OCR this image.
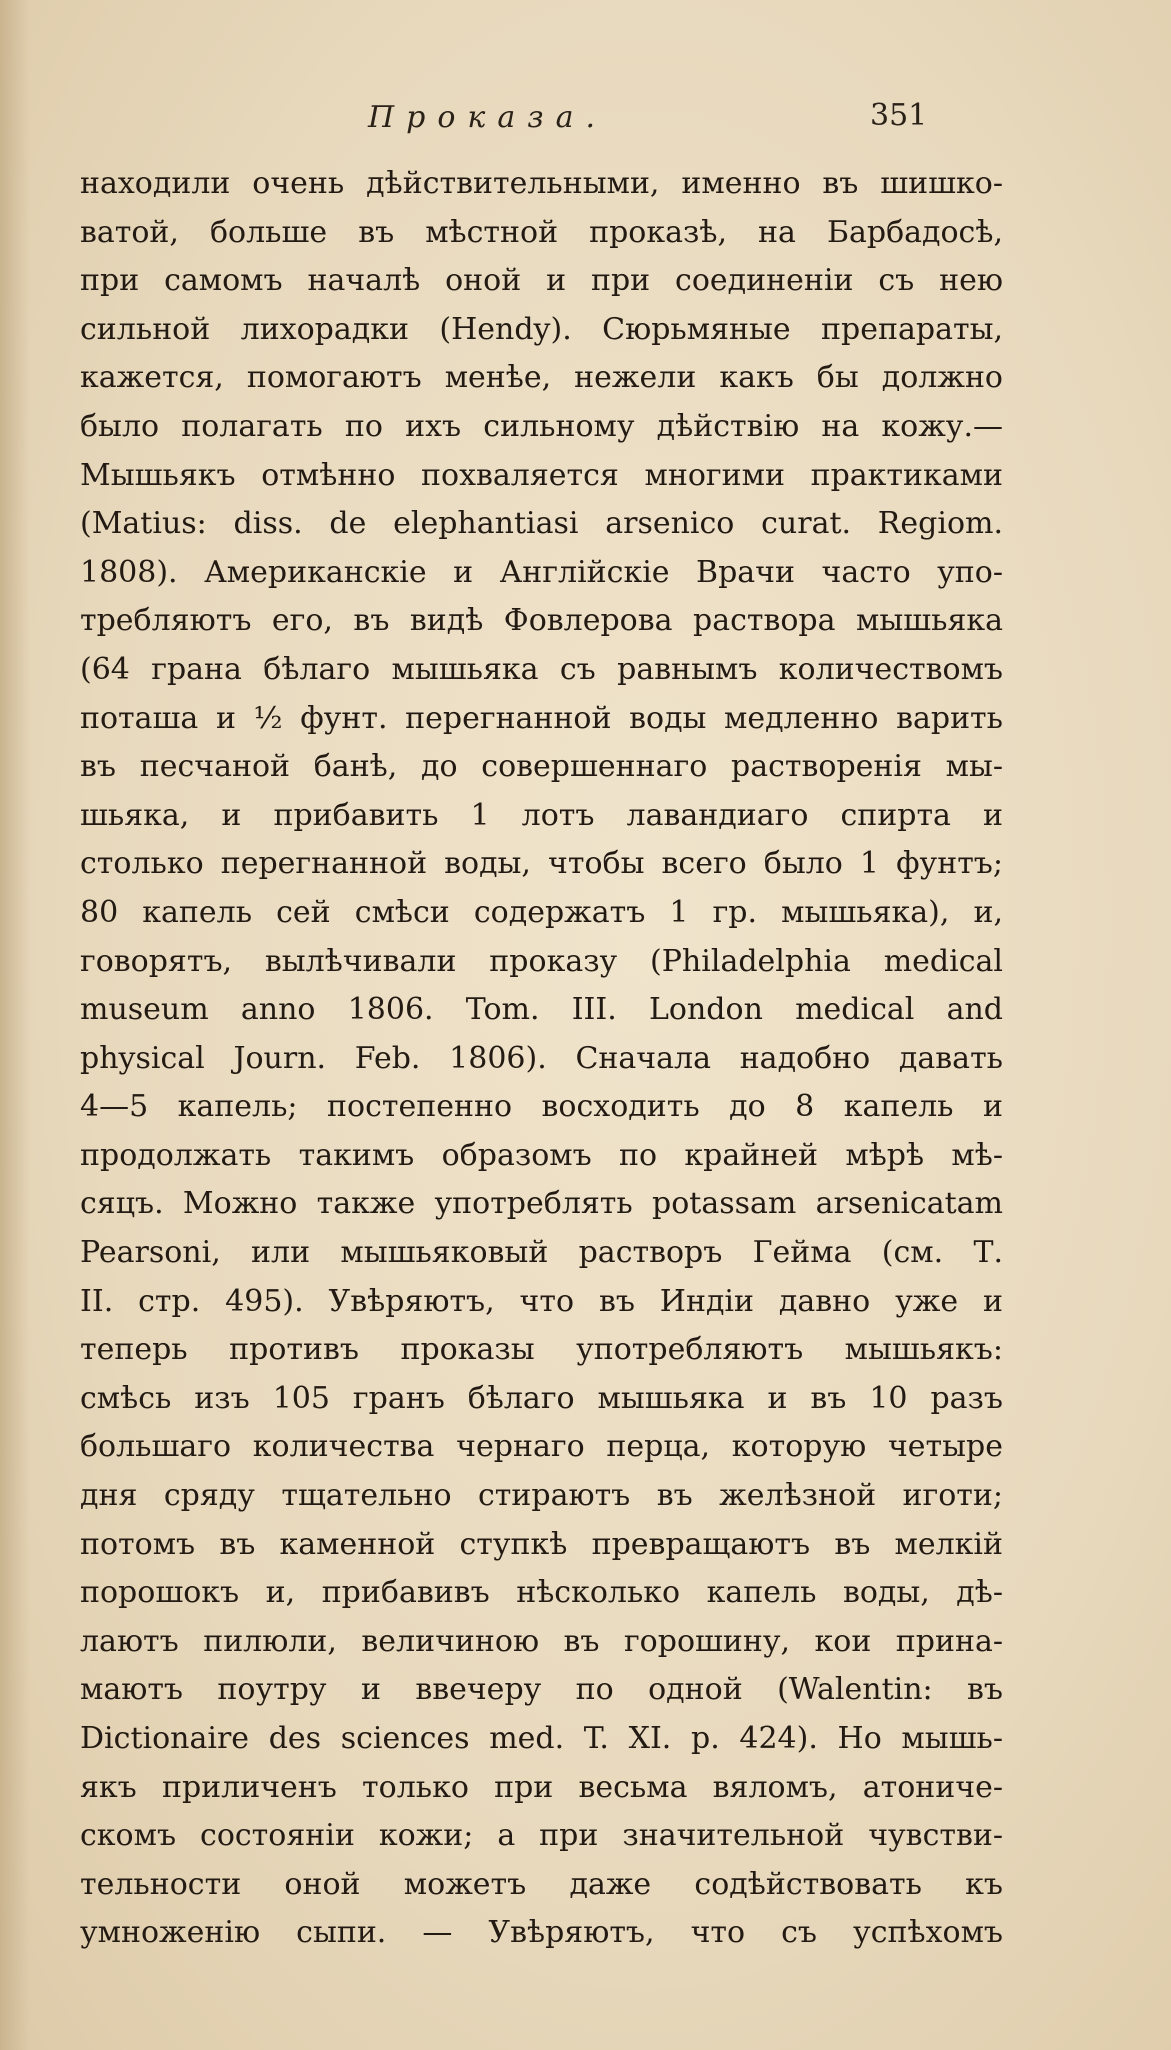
Проказа.	351
находили очень дѣйствительными, именно въ шишко-
ватой, больше въ мѣстной проказѣ, на Барбадосѣ,
при самомъ началѣ оной и при соединеніи съ нею
сильной лихорадки (Hendy). Сюрьмяные препараты,
кажется, помогаютъ менѣе, нежели какъ бы должно
было полагать по ихъ сильному дѣйствію на кожу.—
Мышьякъ отмѣнно похваляется многими практиками
(Matius: diss. de elephantiasi arsenico curat. Regiom.
1808). Американскіе и Англійскіе Врачи часто упо-
требляютъ его, въ видѣ Фовлерова раствора мышьяка
(64 грана бѣлаго мышьяка съ равнымъ количествомъ
поташа и ½ фунт. перегнанной воды медленно варить
въ песчаной банѣ, до совершеннаго растворенія мы-
шьяка, и прибавить 1 лотъ лавандиаго спирта и
столько перегнанной воды, чтобы всего было 1 фунтъ;
80 капель сей смѣси содержатъ 1 гр. мышьяка), и,
говорятъ, вылѣчивали проказу (Philadelphia medical
museum anno 1806. Tom. III. London medical and
physical Journ. Feb. 1806). Сначала надобно давать
4—5 капель; постепенно восходить до 8 капель и
продолжать такимъ образомъ по крайней мѣрѣ мѣ-
сяцъ. Можно также употреблять potassam arsenicatam
Pearsoni, или мышьяковый растворъ Гейма (см. Т.
II. стр. 495). Увѣряютъ, что въ Индіи давно уже и
теперь противъ проказы употребляютъ мышьякъ:
смѣсь изъ 105 гранъ бѣлаго мышьяка и въ 10 разъ
большаго количества чернаго перца, которую четыре
дня сряду тщательно стираютъ въ желѣзной иготи;
потомъ въ каменной ступкѣ превращаютъ въ мелкій
порошокъ и, прибавивъ нѣсколько капель воды, дѣ-
лаютъ пилюли, величиною въ горошину, кои прина-
маютъ поутру и ввечеру по одной (Walentin: въ
Dictionaire des sciences med. T. XI. p. 424). Но мышь-
якъ приличенъ только при весьма вяломъ, атониче-
скомъ состояніи кожи; а при значительной чувстви-
тельности оной можетъ даже содѣйствовать къ
умноженію сыпи. — Увѣряютъ, что съ успѣхомъ
